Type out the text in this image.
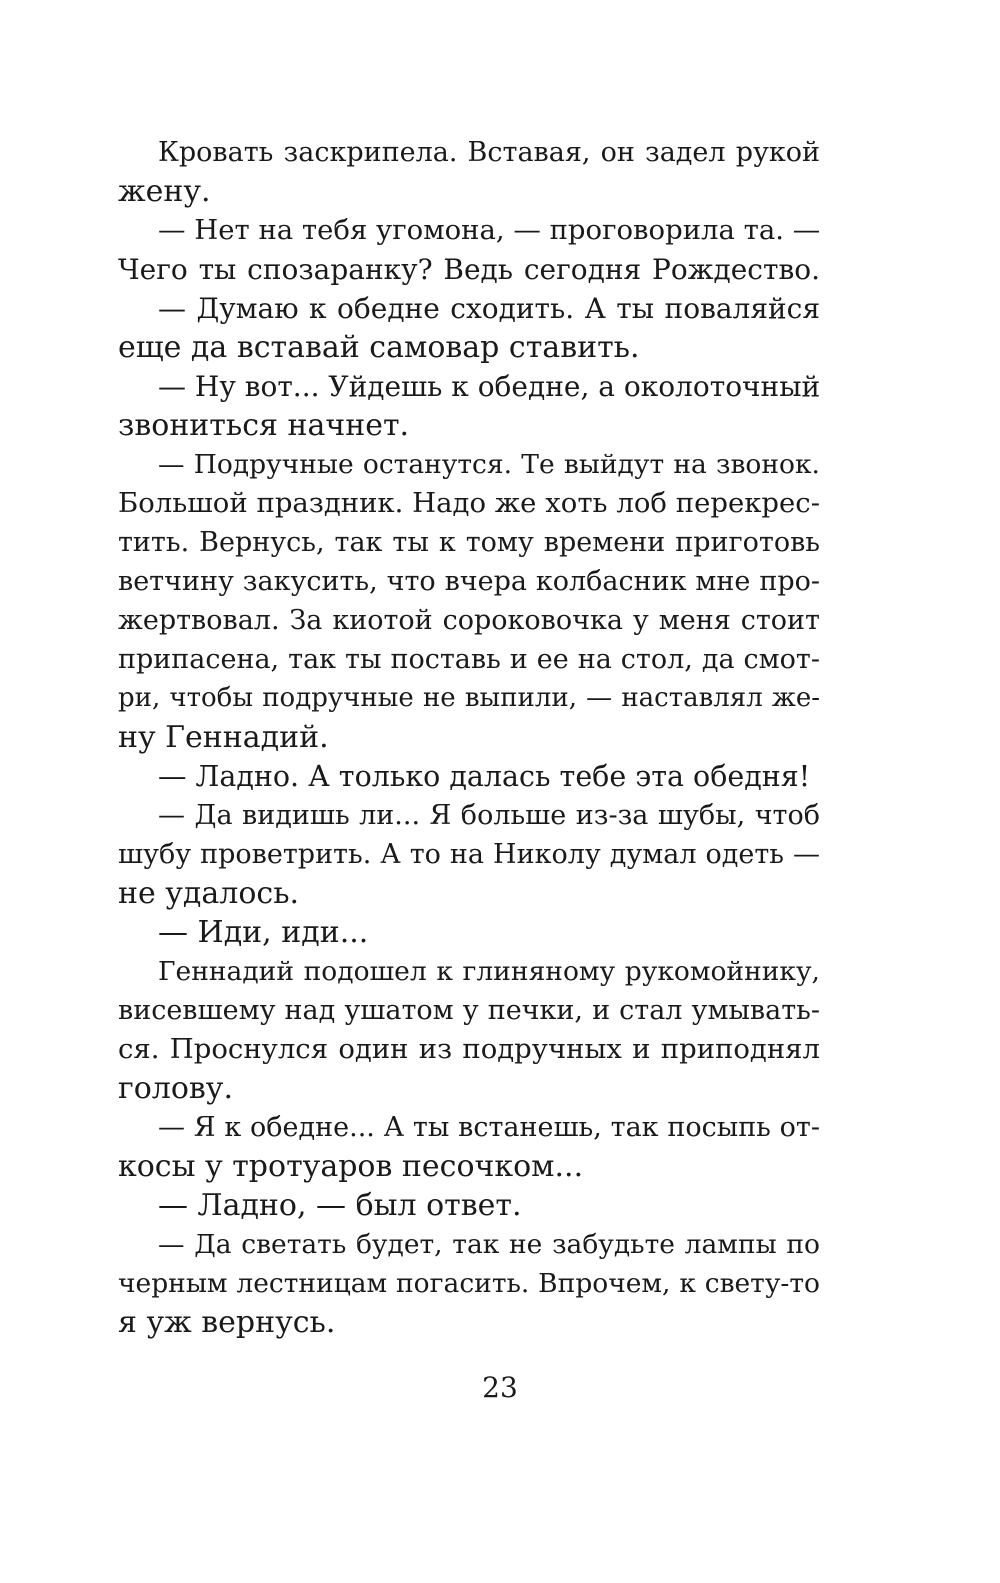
Кровать заскрипела. Вставая, он задел рукой
жену.
— Нет на тебя угомона, — проговорила та. —
Чего ты спозаранку? Ведь сегодня Рождество.
— Думаю к обедне сходить. А ты поваляйся
еще да вставай самовар ставить.
— Ну вот... Уйдешь к обедне, а околоточный
звониться начнет.
— Подручные останутся. Те выйдут на звонок.
Большой праздник. Надо же хоть лоб перекрес-
тить. Вернусь, так ты к тому времени приготовь
ветчину закусить, что вчера колбасник мне про-
жертвовал. За киотой сороковочка у меня стоит
припасена, так ты поставь и ее на стол, да смот-
ри, чтобы подручные не выпили, — наставлял же-
ну Геннадий.
— Ладно. А только далась тебе эта обедня!
— Да видишь ли... Я больше из-за шубы, чтоб
шубу проветрить. А то на Николу думал одеть —
не удалось.
— Иди, иди...
Геннадий подошел к глиняному рукомойнику,
висевшему над ушатом у печки, и стал умывать-
ся. Проснулся один из подручных и приподнял
голову.
— Я к обедне... А ты встанешь, так посыпь от-
косы у тротуаров песочком...
— Ладно, — был ответ.
— Да светать будет, так не забудьте лампы по
черным лестницам погасить. Впрочем, к свету-то
я уж вернусь.
23
